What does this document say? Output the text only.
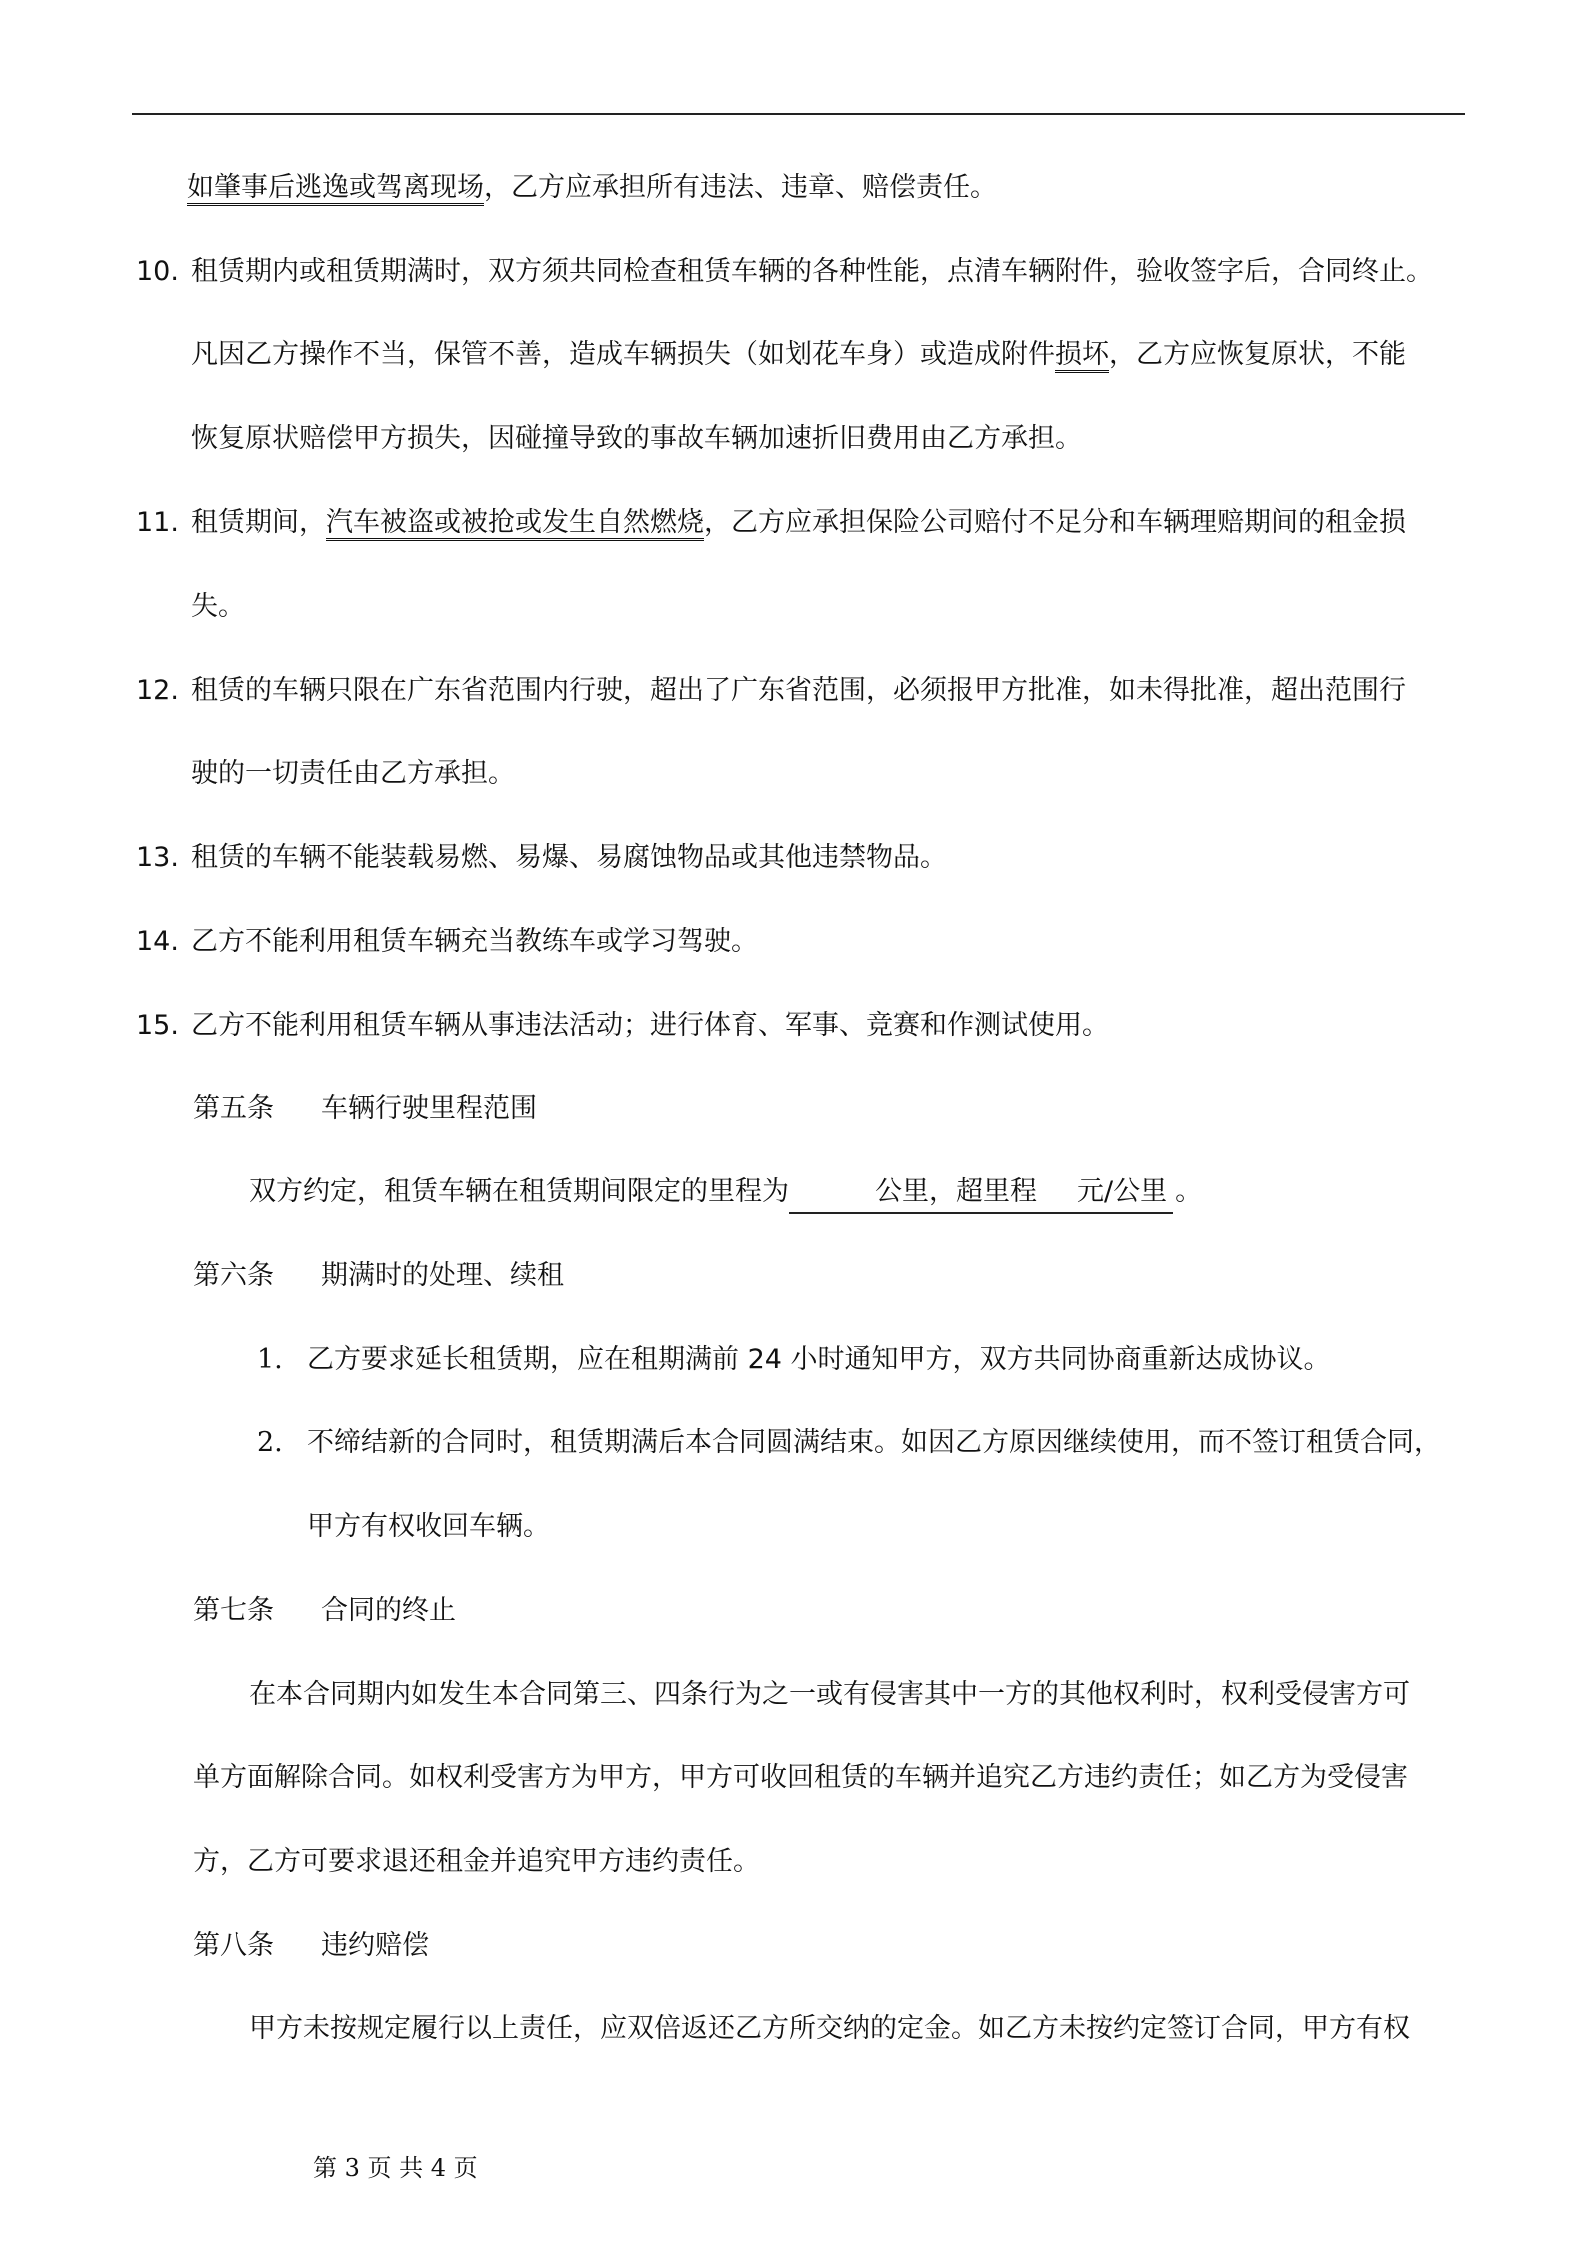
如肇事后逃逸或驾离现场，乙方应承担所有违法、违章、赔偿责任。
10. 租赁期内或租赁期满时，双方须共同检查租赁车辆的各种性能，点清车辆附件，验收签字后，合同终止。
凡因乙方操作不当，保管不善，造成车辆损失（如划花车身）或造成附件损坏，乙方应恢复原状，不能
恢复原状赔偿甲方损失，因碰撞导致的事故车辆加速折旧费用由乙方承担。
11. 租赁期间，汽车被盗或被抢或发生自然燃烧，乙方应承担保险公司赔付不足分和车辆理赔期间的租金损
失。
12. 租赁的车辆只限在广东省范围内行驶，超出了广东省范围，必须报甲方批准，如未得批准，超出范围行
驶的一切责任由乙方承担。
13. 租赁的车辆不能装载易燃、易爆、易腐蚀物品或其他违禁物品。
14. 乙方不能利用租赁车辆充当教练车或学习驾驶。
15. 乙方不能利用租赁车辆从事违法活动；进行体育、军事、竞赛和作测试使用。
第五条 车辆行驶里程范围
双方约定，租赁车辆在租赁期间限定的里程为	公里，超里程 元/公里 。
第六条 期满时的处理、续租
1. 乙方要求延长租赁期，应在租期满前 24 小时通知甲方，双方共同协商重新达成协议。
2. 不缔结新的合同时，租赁期满后本合同圆满结束。如因乙方原因继续使用，而不签订租赁合同，
甲方有权收回车辆。
第七条 合同的终止
在本合同期内如发生本合同第三、四条行为之一或有侵害其中一方的其他权利时，权利受侵害方可
单方面解除合同。如权利受害方为甲方，甲方可收回租赁的车辆并追究乙方违约责任；如乙方为受侵害
方，乙方可要求退还租金并追究甲方违约责任。
第八条 违约赔偿
甲方未按规定履行以上责任，应双倍返还乙方所交纳的定金。如乙方未按约定签订合同，甲方有权
第 3 页 共 4 页
